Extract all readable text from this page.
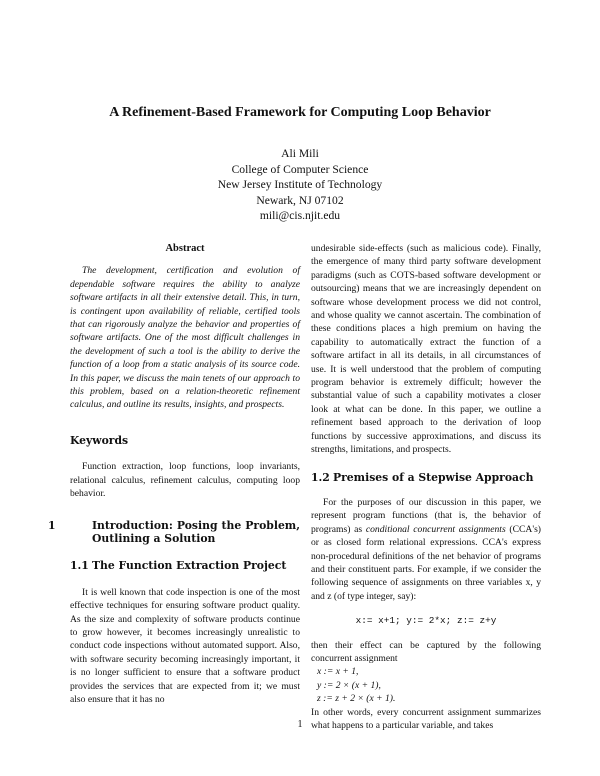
A Refinement-Based Framework for Computing Loop Behavior
Ali Mili
College of Computer Science
New Jersey Institute of Technology
Newark, NJ 07102
mili@cis.njit.edu
Abstract

The development, certification and evolution of dependable software requires the ability to analyze software artifacts in all their extensive detail. This, in turn, is contingent upon availability of reliable, certified tools that can rigorously analyze the behavior and properties of software artifacts. One of the most difficult challenges in the development of such a tool is the ability to derive the function of a loop from a static analysis of its source code. In this paper, we discuss the main tenets of our approach to this problem, based on a relation-theoretic refinement calculus, and outline its results, insights, and prospects.

Keywords

Function extraction, loop functions, loop invariants, relational calculus, refinement calculus, computing loop behavior.

1	Introduction: Posing the Problem, Outlining a Solution
1.1 The Function Extraction Project

It is well known that code inspection is one of the most effective techniques for ensuring software product quality. As the size and complexity of software products continue to grow however, it becomes increasingly unrealistic to conduct code inspections without automated support. Also, with software security becoming increasingly important, it is no longer sufficient to ensure that a software product provides the services that are expected from it; we must also ensure that it has no

undesirable side-effects (such as malicious code). Finally, the emergence of many third party software development paradigms (such as COTS-based software development or outsourcing) means that we are increasingly dependent on software whose development process we did not control, and whose quality we cannot ascertain. The combination of these conditions places a high premium on having the capability to automatically extract the function of a software artifact in all its details, in all circumstances of use. It is well understood that the problem of computing program behavior is extremely difficult; however the substantial value of such a capability motivates a closer look at what can be done. In this paper, we outline a refinement based approach to the derivation of loop functions by successive approximations, and discuss its strengths, limitations, and prospects.

1.2 Premises of a Stepwise Approach

For the purposes of our discussion in this paper, we represent program functions (that is, the behavior of programs) as conditional concurrent assignments (CCA's) or as closed form relational expressions. CCA's express non-procedural definitions of the net behavior of programs and their constituent parts. For example, if we consider the following sequence of assignments on three variables x, y and z (of type integer, say):

x:= x+1; y:= 2*x; z:= z+y

then their effect can be captured by the following concurrent assignment

x := x + 1,
y := 2 × (x + 1),
z := z + 2 × (x + 1).

In other words, every concurrent assignment summarizes what happens to a particular variable, and takes

1
